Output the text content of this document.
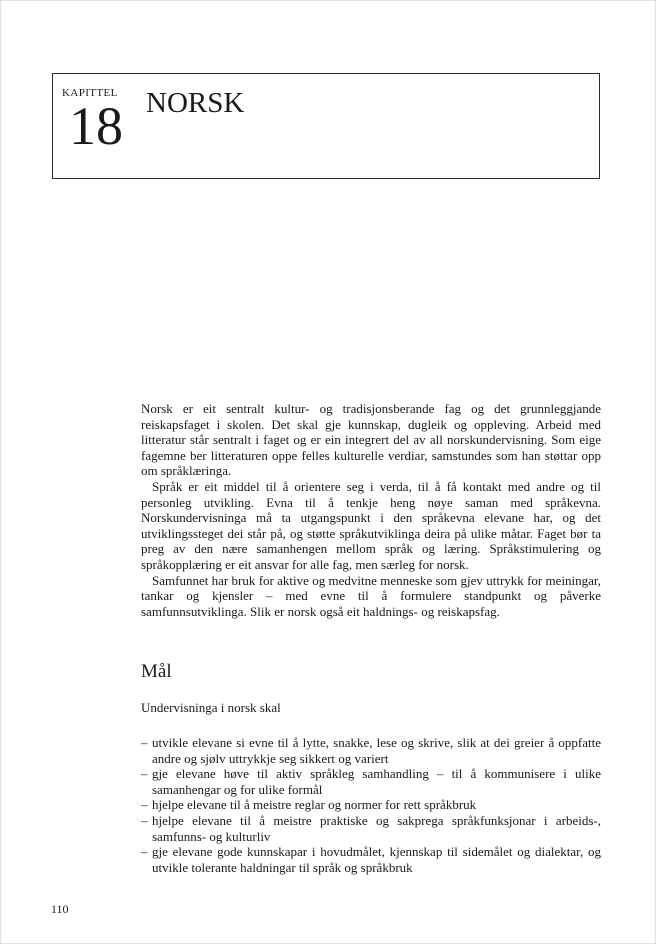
KAPITTEL
18 NORSK

Norsk er eit sentralt kultur- og tradisjonsberande fag og det grunnleggjande reiskapsfaget i skolen. Det skal gje kunnskap, dugleik og oppleving. Arbeid med litteratur står sentralt i faget og er ein integrert del av all norskundervisning. Som eige fagemne ber litteraturen oppe felles kulturelle verdiar, samstundes som han støttar opp om språklæringa.

Språk er eit middel til å orientere seg i verda, til å få kontakt med andre og til personleg utvikling. Evna til å tenkje heng nøye saman med språkevna. Norskundervisninga må ta utgangspunkt i den språkevna elevane har, og det utviklingssteget dei står på, og støtte språkutviklinga deira på ulike måtar. Faget bør ta preg av den nære samanhengen mellom språk og læring. Språkstimulering og språkopplæring er eit ansvar for alle fag, men særleg for norsk.

Samfunnet har bruk for aktive og medvitne menneske som gjev uttrykk for meiningar, tankar og kjensler – med evne til å formulere standpunkt og påverke samfunnsutviklinga. Slik er norsk også eit haldnings- og reiskapsfag.

Mål

Undervisninga i norsk skal

– utvikle elevane si evne til å lytte, snakke, lese og skrive, slik at dei greier å oppfatte andre og sjølv uttrykkje seg sikkert og variert
– gje elevane høve til aktiv språkleg samhandling – til å kommunisere i ulike samanhengar og for ulike formål
– hjelpe elevane til å meistre reglar og normer for rett språkbruk
– hjelpe elevane til å meistre praktiske og sakpregа språkfunksjonar i arbeids-, samfunns- og kulturliv
– gje elevane gode kunnskapar i hovudmålet, kjennskap til sidemålet og dialektar, og utvikle tolerante haldningar til språk og språkbruk
110
